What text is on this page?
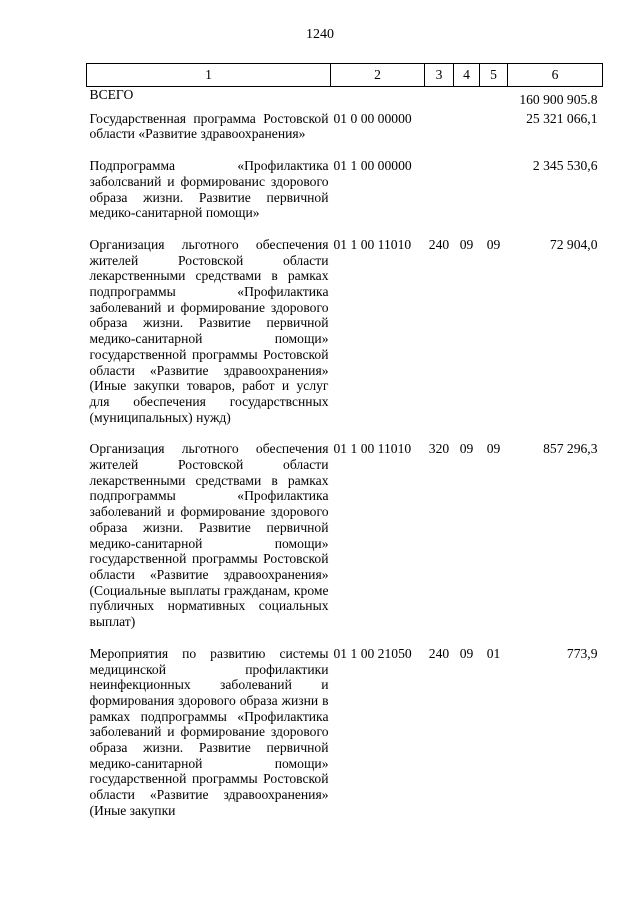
1240
1	2	3	4	5	6
ВСЕГО					160 900 905.8
Государственная программа Ростовской области «Развитие здравоохранения»	01 0 00 00000				25 321 066,1
Подпрограмма «Профилактика заболсваний и формированис здорового образа жизни. Развитие первичной медико-санитарной помощи»	01 1 00 00000				2 345 530,6
Организация льготного обеспечения жителей Ростовской области лекарственными средствами в рамках подпрограммы «Профилактика заболеваний и формирование здорового образа жизни. Развитие первичной медико-санитарной помощи» государственной программы Ростовской области «Развитие здравоохранения» (Иные закупки товаров, работ и услуг для обеспечения государствснных (муниципальных) нужд)	01 1 00 11010	240	09	09	72 904,0
Организация льготного обеспечения жителей Ростовской области лекарственными средствами в рамках подпрограммы «Профилактика заболеваний и формирование здорового образа жизни. Развитие первичной медико-санитарной помощи» государственной программы Ростовской области «Развитие здравоохранения» (Социальные выплаты гражданам, кроме публичных нормативных социальных выплат)	01 1 00 11010	320	09	09	857 296,3
Мероприятия по развитию системы медицинской профилактики неинфекционных заболеваний и формирования здорового образа жизни в рамках подпрограммы «Профилактика заболеваний и формирование здорового образа жизни. Развитие первичной медико-санитарной помощи» государственной программы Ростовской области «Развитие здравоохранения» (Иные закупки	01 1 00 21050	240	09	01	773,9
